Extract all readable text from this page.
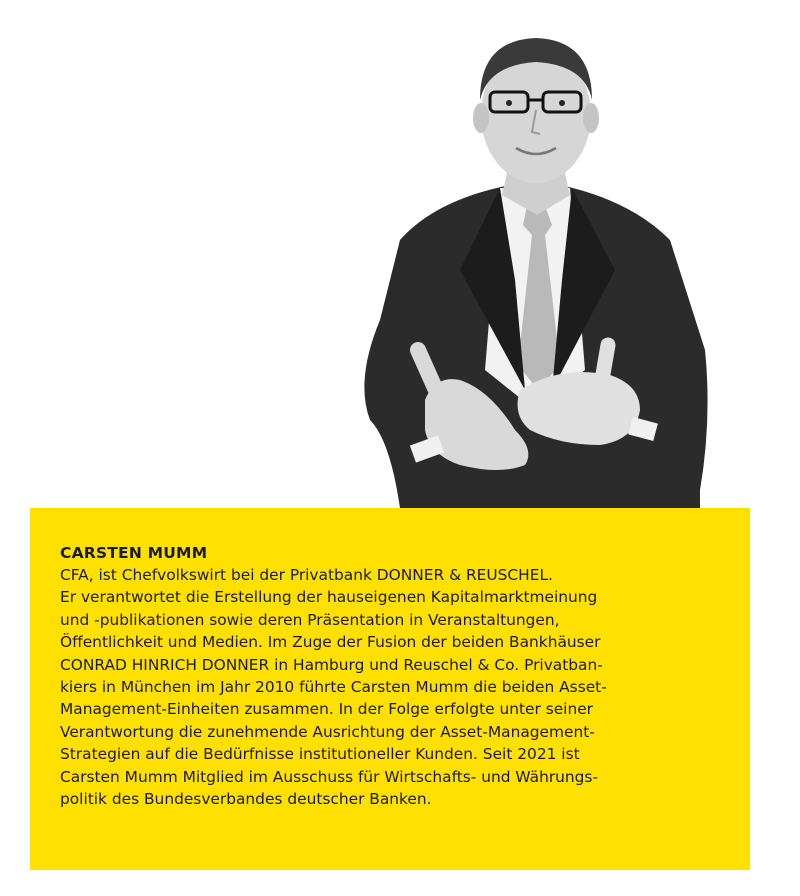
CARSTEN MUMM

CFA, ist Chefvolkswirt bei der Privatbank DONNER & REUSCHEL.
Er verantwortet die Erstellung der hauseigenen Kapitalmarktmeinung
und -publikationen sowie deren Präsentation in Veranstaltungen,
Öffentlichkeit und Medien. Im Zuge der Fusion der beiden Bankhäuser
CONRAD HINRICH DONNER in Hamburg und Reuschel & Co. Privatban-
kiers in München im Jahr 2010 führte Carsten Mumm die beiden Asset-
Management-Einheiten zusammen. In der Folge erfolgte unter seiner
Verantwortung die zunehmende Ausrichtung der Asset-Management-
Strategien auf die Bedürfnisse institutioneller Kunden. Seit 2021 ist
Carsten Mumm Mitglied im Ausschuss für Wirtschafts- und Währungs-
politik des Bundesverbandes deutscher Banken.
